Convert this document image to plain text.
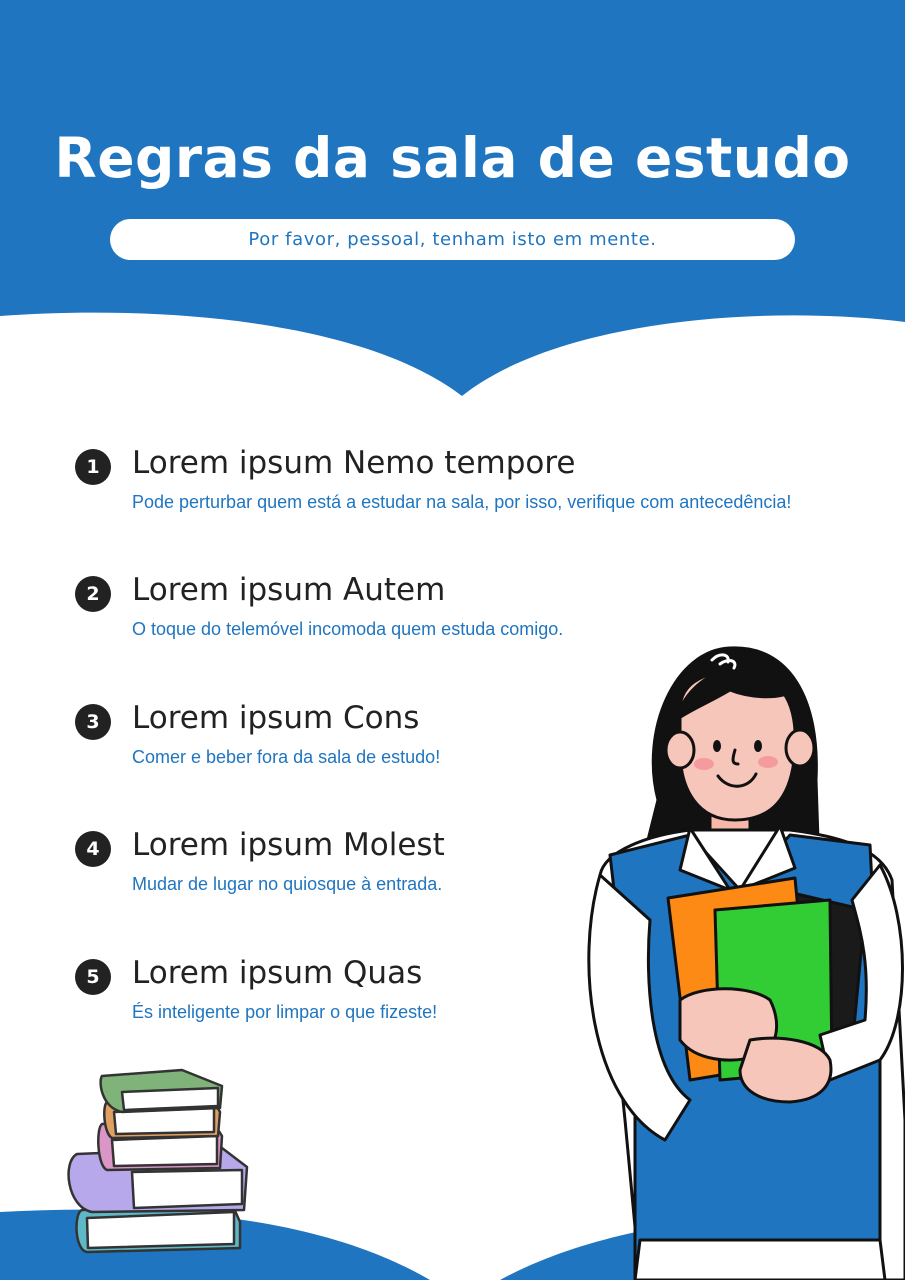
Regras da sala de estudo
Por favor, pessoal, tenham isto em mente.
1	Lorem ipsum Nemo tempore
Pode perturbar quem está a estudar na sala, por isso, verifique com antecedência!
2	Lorem ipsum Autem
O toque do telemóvel incomoda quem estuda comigo.
3	Lorem ipsum Cons
Comer e beber fora da sala de estudo!
4	Lorem ipsum Molest
Mudar de lugar no quiosque à entrada.
5	Lorem ipsum Quas
És inteligente por limpar o que fizeste!
